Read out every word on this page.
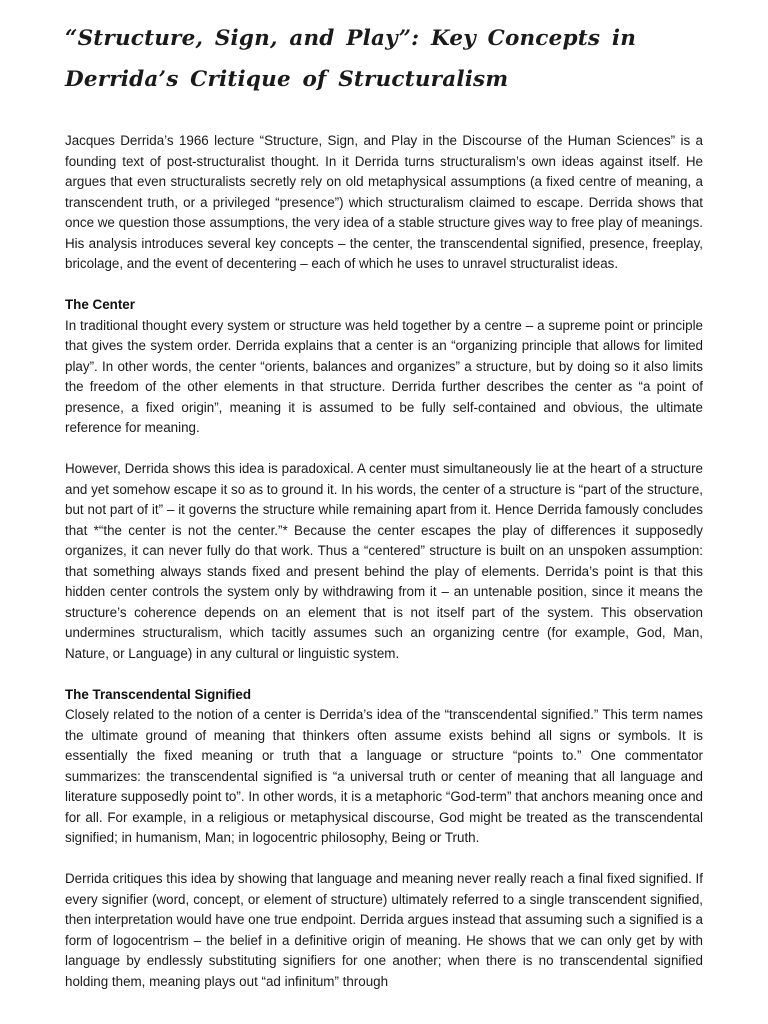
“Structure, Sign, and Play”: Key Concepts in Derrida’s Critique of Structuralism

Jacques Derrida’s 1966 lecture “Structure, Sign, and Play in the Discourse of the Human Sciences” is a founding text of post-structuralist thought. In it Derrida turns structuralism’s own ideas against itself. He argues that even structuralists secretly rely on old metaphysical assumptions (a fixed centre of meaning, a transcendent truth, or a privileged “presence”) which structuralism claimed to escape. Derrida shows that once we question those assumptions, the very idea of a stable structure gives way to free play of meanings. His analysis introduces several key concepts – the center, the transcendental signified, presence, freeplay, bricolage, and the event of decentering – each of which he uses to unravel structuralist ideas.

The Center

In traditional thought every system or structure was held together by a centre – a supreme point or principle that gives the system order. Derrida explains that a center is an “organizing principle that allows for limited play”. In other words, the center “orients, balances and organizes” a structure, but by doing so it also limits the freedom of the other elements in that structure. Derrida further describes the center as “a point of presence, a fixed origin”, meaning it is assumed to be fully self-contained and obvious, the ultimate reference for meaning.

However, Derrida shows this idea is paradoxical. A center must simultaneously lie at the heart of a structure and yet somehow escape it so as to ground it. In his words, the center of a structure is “part of the structure, but not part of it” – it governs the structure while remaining apart from it. Hence Derrida famously concludes that *“the center is not the center.”* Because the center escapes the play of differences it supposedly organizes, it can never fully do that work. Thus a “centered” structure is built on an unspoken assumption: that something always stands fixed and present behind the play of elements. Derrida’s point is that this hidden center controls the system only by withdrawing from it – an untenable position, since it means the structure’s coherence depends on an element that is not itself part of the system. This observation undermines structuralism, which tacitly assumes such an organizing centre (for example, God, Man, Nature, or Language) in any cultural or linguistic system.

The Transcendental Signified

Closely related to the notion of a center is Derrida’s idea of the “transcendental signified.” This term names the ultimate ground of meaning that thinkers often assume exists behind all signs or symbols. It is essentially the fixed meaning or truth that a language or structure “points to.” One commentator summarizes: the transcendental signified is “a universal truth or center of meaning that all language and literature supposedly point to”. In other words, it is a metaphoric “God-term” that anchors meaning once and for all. For example, in a religious or metaphysical discourse, God might be treated as the transcendental signified; in humanism, Man; in logocentric philosophy, Being or Truth.

Derrida critiques this idea by showing that language and meaning never really reach a final fixed signified. If every signifier (word, concept, or element of structure) ultimately referred to a single transcendent signified, then interpretation would have one true endpoint. Derrida argues instead that assuming such a signified is a form of logocentrism – the belief in a definitive origin of meaning. He shows that we can only get by with language by endlessly substituting signifiers for one another; when there is no transcendental signified holding them, meaning plays out “ad infinitum” through
